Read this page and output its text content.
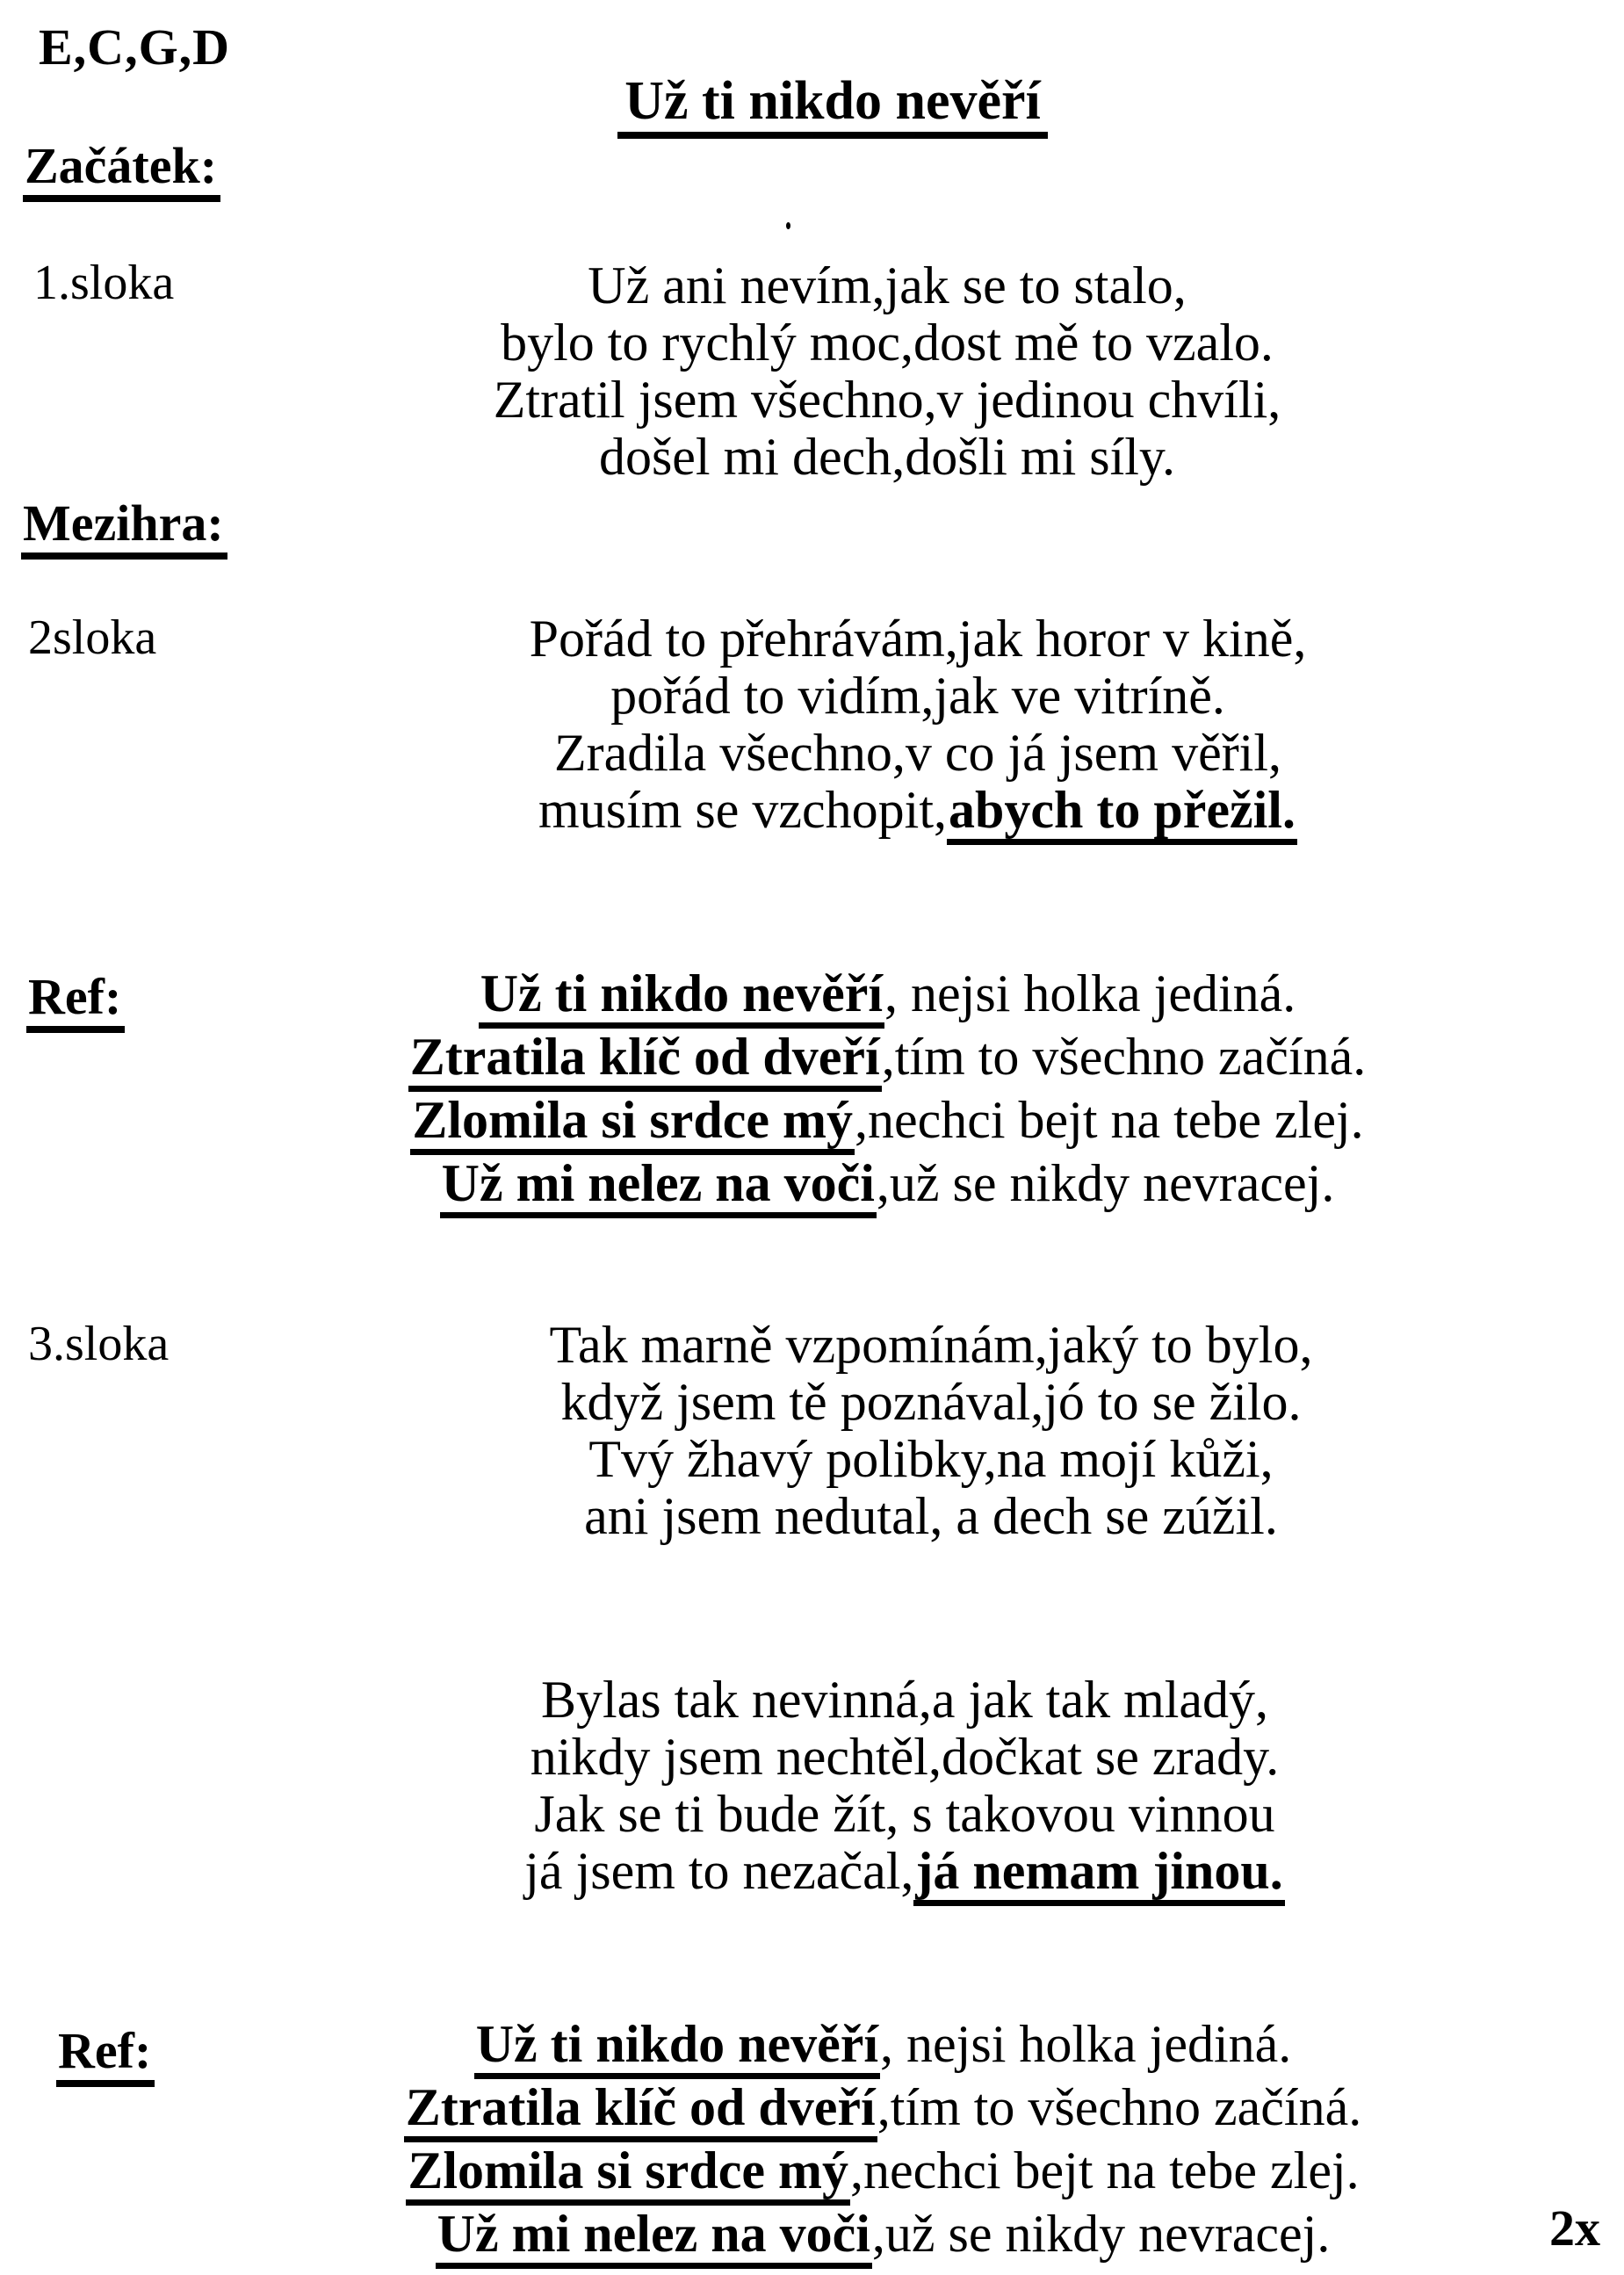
E,C,G,D
Už ti nikdo nevěří
Začátek:
1.sloka	Už ani nevím,jak se to stalo,
bylo to rychlý moc,dost mě to vzalo.
Ztratil jsem všechno,v jedinou chvíli,
došel mi dech,došli mi síly.
Mezihra:
2sloka	Pořád to přehrávám,jak horor v kině,
pořád to vidím,jak ve vitríně.
Zradila všechno,v co já jsem věřil,
musím se vzchopit,abych to přežil.
Ref:	Už ti nikdo nevěří, nejsi holka jediná.
Ztratila klíč od dveří,tím to všechno začíná.
Zlomila si srdce mý,nechci bejt na tebe zlej.
Už mi nelez na voči,už se nikdy nevracej.
3.sloka	Tak marně vzpomínám,jaký to bylo,
když jsem tě poznával,jó to se žilo.
Tvý žhavý polibky,na mojí kůži,
ani jsem nedutal, a dech se zúžil.
Bylas tak nevinná,a jak tak mladý,
nikdy jsem nechtěl,dočkat se zrady.
Jak se ti bude žít, s takovou vinnou
já jsem to nezačal,já nemam jinou.
Ref:	Už ti nikdo nevěří, nejsi holka jediná.
Ztratila klíč od dveří,tím to všechno začíná.
Zlomila si srdce mý,nechci bejt na tebe zlej.
Už mi nelez na voči,už se nikdy nevracej.	2x
